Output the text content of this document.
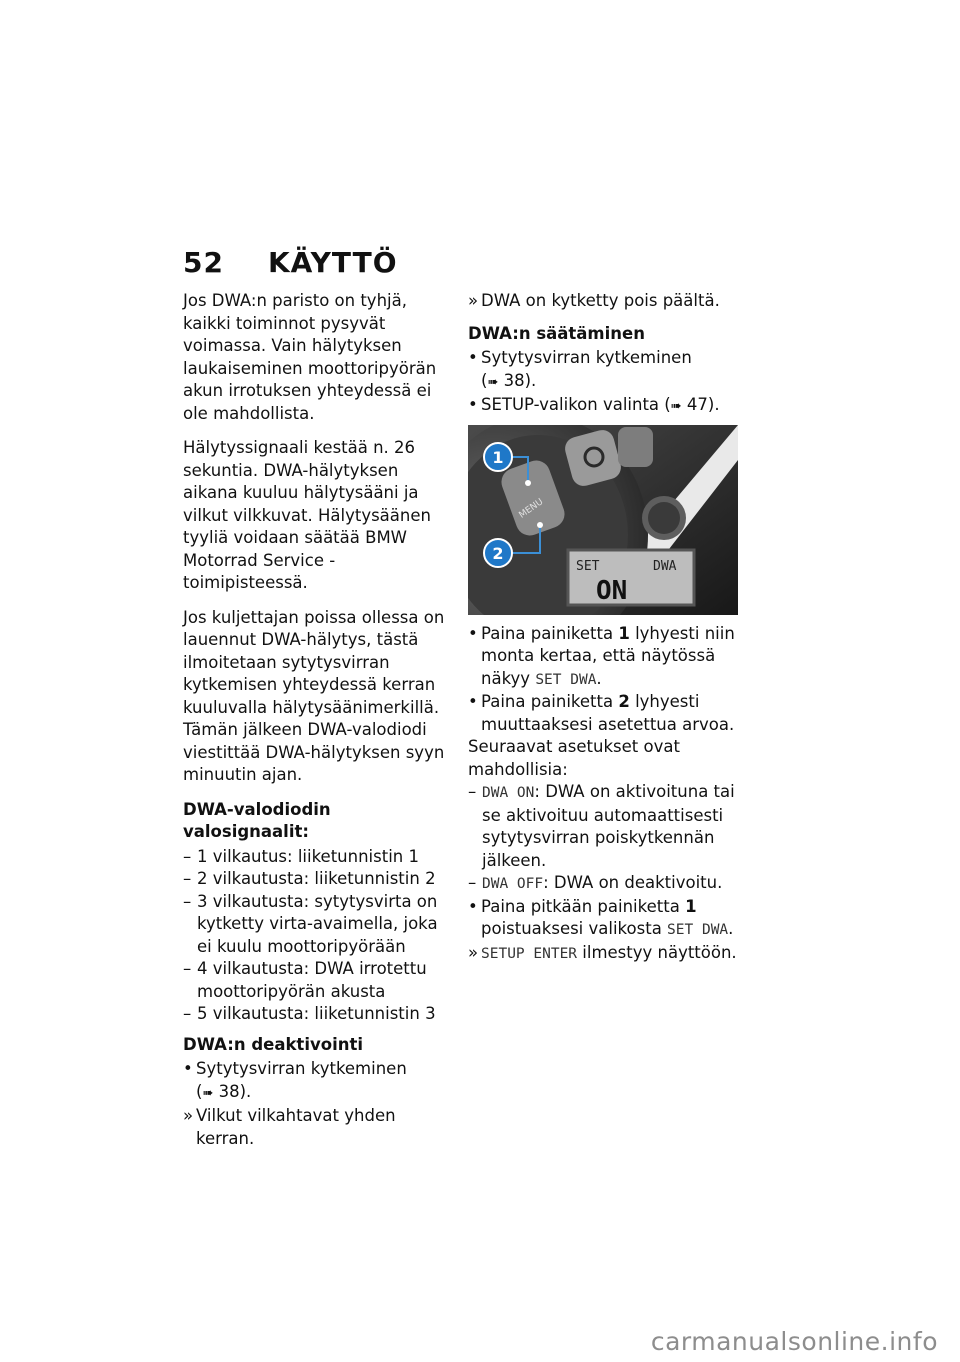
52 KÄYTTÖ

Jos DWA:n paristo on tyhjä, kaikki toiminnot pysyvät voimassa. Vain hälytyksen laukaiseminen moottoripyörän akun irrotuksen yhteydessä ei ole mahdollista.

Hälytyssignaali kestää n. 26 sekuntia. DWA-hälytyksen aikana kuuluu hälytysääni ja vilkut vilkkuvat. Hälytysäänen tyyliä voidaan säätää BMW Motorrad Service -toimipisteessä.

Jos kuljettajan poissa ollessa on lauennut DWA-hälytys, tästä ilmoitetaan sytytysvirran kytkemisen yhteydessä kerran kuuluvalla hälytysäänimerkillä. Tämän jälkeen DWA-valodiodi viestittää DWA-hälytyksen syyn minuutin ajan.

DWA-valodiodin valosignaalit:
– 1 vilkautus: liiketunnistin 1
– 2 vilkautusta: liiketunnistin 2
– 3 vilkautusta: sytytysvirta on kytketty virta-avaimella, joka ei kuulu moottoripyörään
– 4 vilkautusta: DWA irrotettu moottoripyörän akusta
– 5 vilkautusta: liiketunnistin 3
DWA:n deaktivointi
• Sytytysvirran kytkeminen
(➠ 38).
» Vilkut vilkahtavat yhden kerran.
» DWA on kytketty pois päältä.
DWA:n säätäminen
• Sytytysvirran kytkeminen
(➠ 38).
• SETUP-valikon valinta (➠ 47).
SET	DWA
ON
MENU
1
2
• Paina painiketta 1 lyhyesti niin monta kertaa, että näytössä näkyy SET DWA.
• Paina painiketta 2 lyhyesti muuttaaksesi asetettua arvoa.
Seuraavat asetukset ovat mahdollisia:
– DWA ON: DWA on aktivoituna tai se aktivoituu automaattisesti sytytysvirran poiskytkennän jälkeen.
– DWA OFF: DWA on deaktivoitu.
• Paina pitkään painiketta 1 poistuaksesi valikosta SET DWA.
» SETUP ENTER ilmestyy näyttöön.
carmanualsonline.info
